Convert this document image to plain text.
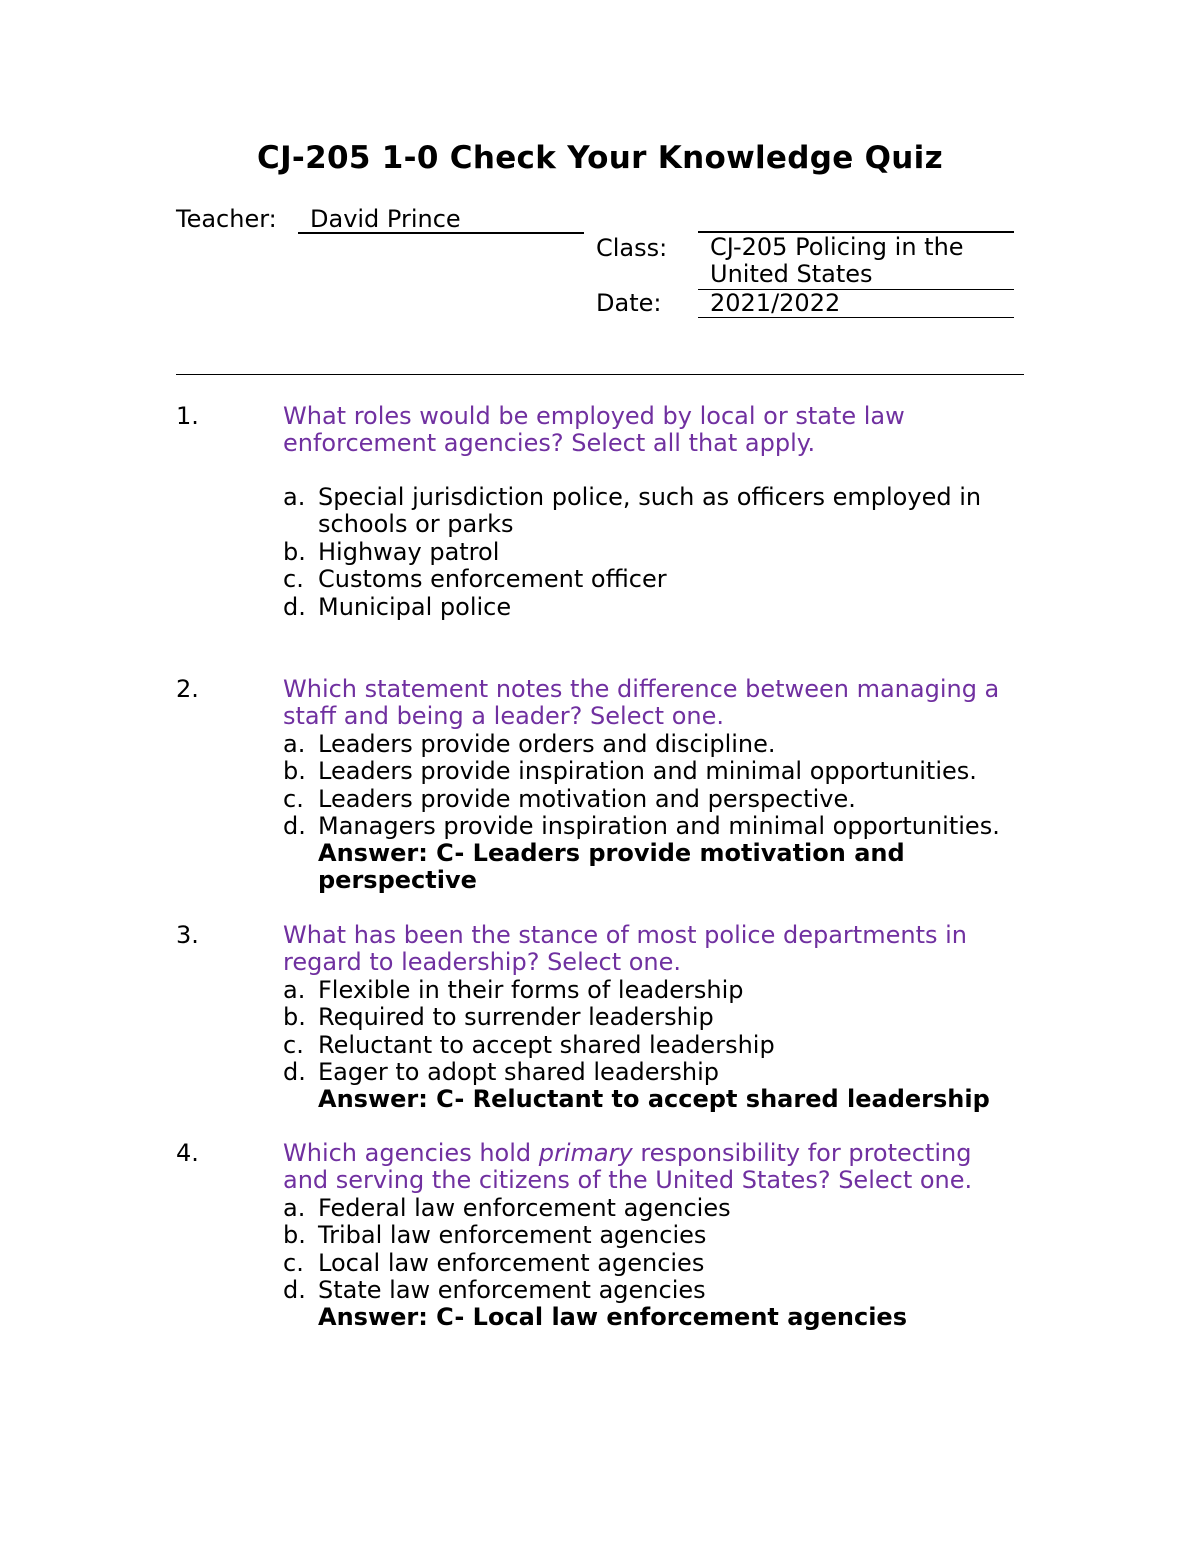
CJ-205 1-0 Check Your Knowledge Quiz
Teacher:	David Prince
Class:	CJ-205 Policing in the United States
Date:	2021/2022
1.	What roles would be employed by local or state law enforcement agencies? Select all that apply.
a. Special jurisdiction police, such as officers employed in schools or parks
b. Highway patrol
c. Customs enforcement officer
d. Municipal police
2.	Which statement notes the difference between managing a staff and being a leader? Select one.
a. Leaders provide orders and discipline.
b. Leaders provide inspiration and minimal opportunities.
c. Leaders provide motivation and perspective.
d. Managers provide inspiration and minimal opportunities.
Answer: C- Leaders provide motivation and perspective
3.	What has been the stance of most police departments in regard to leadership? Select one.
a. Flexible in their forms of leadership
b. Required to surrender leadership
c. Reluctant to accept shared leadership
d. Eager to adopt shared leadership
Answer: C- Reluctant to accept shared leadership
4.	Which agencies hold primary responsibility for protecting and serving the citizens of the United States? Select one.
a. Federal law enforcement agencies
b. Tribal law enforcement agencies
c. Local law enforcement agencies
d. State law enforcement agencies
Answer: C- Local law enforcement agencies
